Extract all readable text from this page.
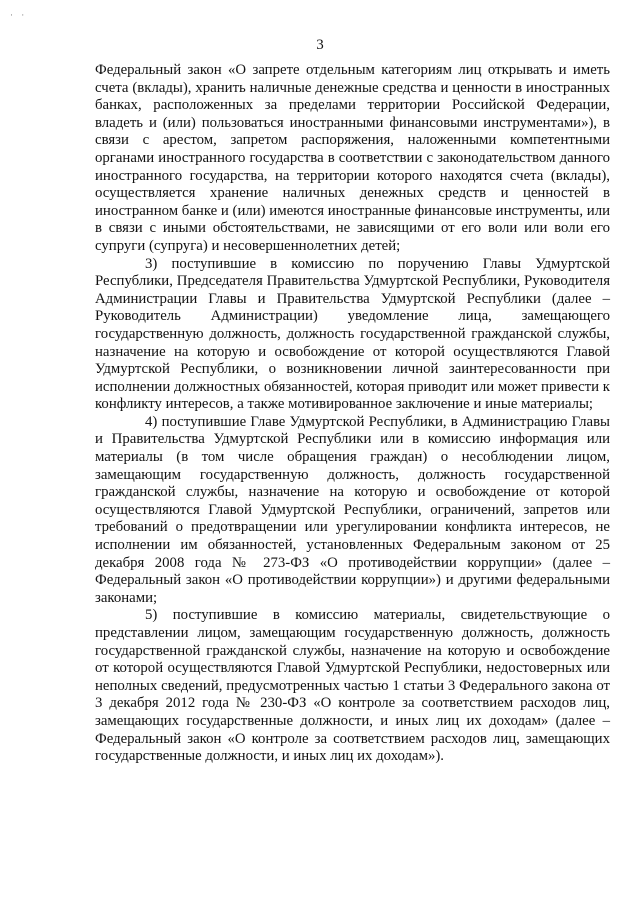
· ·
3

Федеральный закон «О запрете отдельным категориям лиц открывать и иметь счета (вклады), хранить наличные денежные средства и ценности в иностранных банках, расположенных за пределами территории Российской Федерации, владеть и (или) пользоваться иностранными финансовыми инструментами»), в связи с арестом, запретом распоряжения, наложенными компетентными органами иностранного государства в соответствии с законодательством данного иностранного государства, на территории которого находятся счета (вклады), осуществляется хранение наличных денежных средств и ценностей в иностранном банке и (или) имеются иностранные финансовые инструменты, или в связи с иными обстоятельствами, не зависящими от его воли или воли его супруги (супруга) и несовершеннолетних детей;

3) поступившие в комиссию по поручению Главы Удмуртской Республики, Председателя Правительства Удмуртской Республики, Руководителя Администрации Главы и Правительства Удмуртской Республики (далее – Руководитель Администрации) уведомление лица, замещающего государственную должность, должность государственной гражданской службы, назначение на которую и освобождение от которой осуществляются Главой Удмуртской Республики, о возникновении личной заинтересованности при исполнении должностных обязанностей, которая приводит или может привести к конфликту интересов, а также мотивированное заключение и иные материалы;

4) поступившие Главе Удмуртской Республики, в Администрацию Главы и Правительства Удмуртской Республики или в комиссию информация или материалы (в том числе обращения граждан) о несоблюдении лицом, замещающим государственную должность, должность государственной гражданской службы, назначение на которую и освобождение от которой осуществляются Главой Удмуртской Республики, ограничений, запретов или требований о предотвращении или урегулировании конфликта интересов, не исполнении им обязанностей, установленных Федеральным законом от 25 декабря 2008 года № 273-ФЗ «О противодействии коррупции» (далее – Федеральный закон «О противодействии коррупции») и другими федеральными законами;

5) поступившие в комиссию материалы, свидетельствующие о представлении лицом, замещающим государственную должность, должность государственной гражданской службы, назначение на которую и освобождение от которой осуществляются Главой Удмуртской Республики, недостоверных или неполных сведений, предусмотренных частью 1 статьи 3 Федерального закона от 3 декабря 2012 года № 230-ФЗ «О контроле за соответствием расходов лиц, замещающих государственные должности, и иных лиц их доходам» (далее – Федеральный закон «О контроле за соответствием расходов лиц, замещающих государственные должности, и иных лиц их доходам»).
